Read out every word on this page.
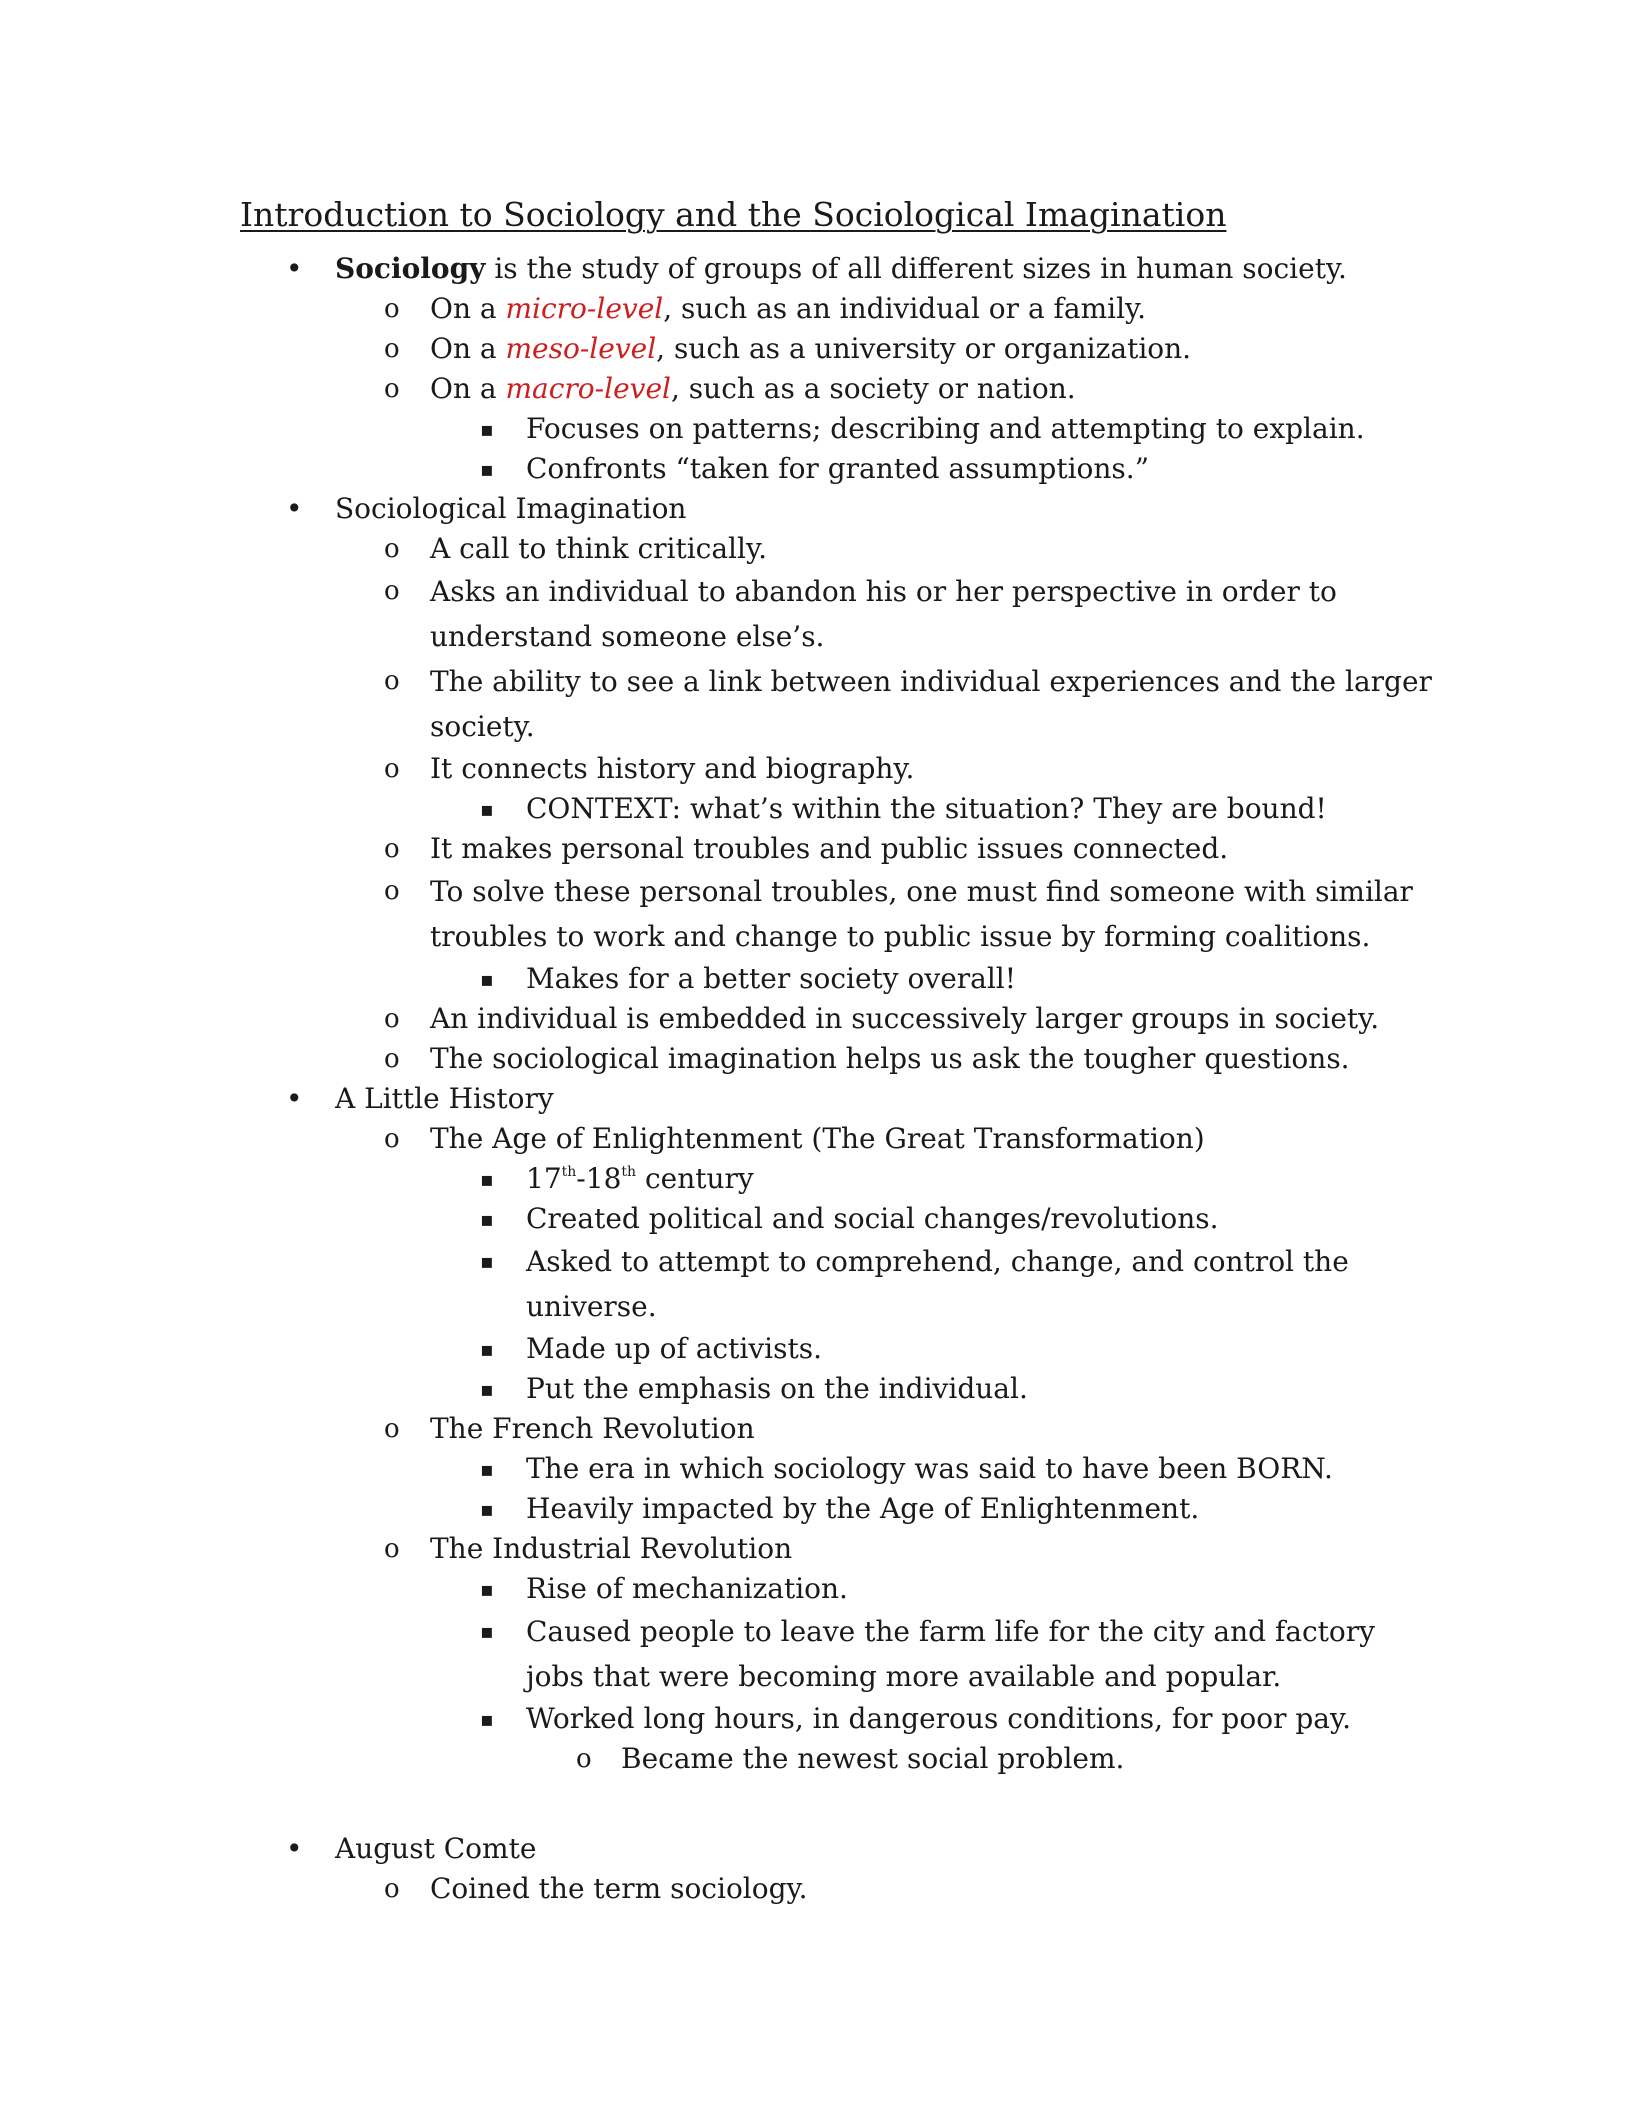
Introduction to Sociology and the Sociological Imagination
• Sociology is the study of groups of all different sizes in human society.
o On a micro-level, such as an individual or a family.
o On a meso-level, such as a university or organization.
o On a macro-level, such as a society or nation.
▪ Focuses on patterns; describing and attempting to explain.
▪ Confronts “taken for granted assumptions.”
• Sociological Imagination
o A call to think critically.
o Asks an individual to abandon his or her perspective in order to understand someone else’s.
o The ability to see a link between individual experiences and the larger society.
o It connects history and biography.
▪ CONTEXT: what’s within the situation? They are bound!
o It makes personal troubles and public issues connected.
o To solve these personal troubles, one must find someone with similar troubles to work and change to public issue by forming coalitions.
▪ Makes for a better society overall!
o An individual is embedded in successively larger groups in society.
o The sociological imagination helps us ask the tougher questions.
• A Little History
o The Age of Enlightenment (The Great Transformation)
▪ 17th-18th century
▪ Created political and social changes/revolutions.
▪ Asked to attempt to comprehend, change, and control the universe.
▪ Made up of activists.
▪ Put the emphasis on the individual.
o The French Revolution
▪ The era in which sociology was said to have been BORN.
▪ Heavily impacted by the Age of Enlightenment.
o The Industrial Revolution
▪ Rise of mechanization.
▪ Caused people to leave the farm life for the city and factory jobs that were becoming more available and popular.
▪ Worked long hours, in dangerous conditions, for poor pay.
o Became the newest social problem.
• August Comte
o Coined the term sociology.
